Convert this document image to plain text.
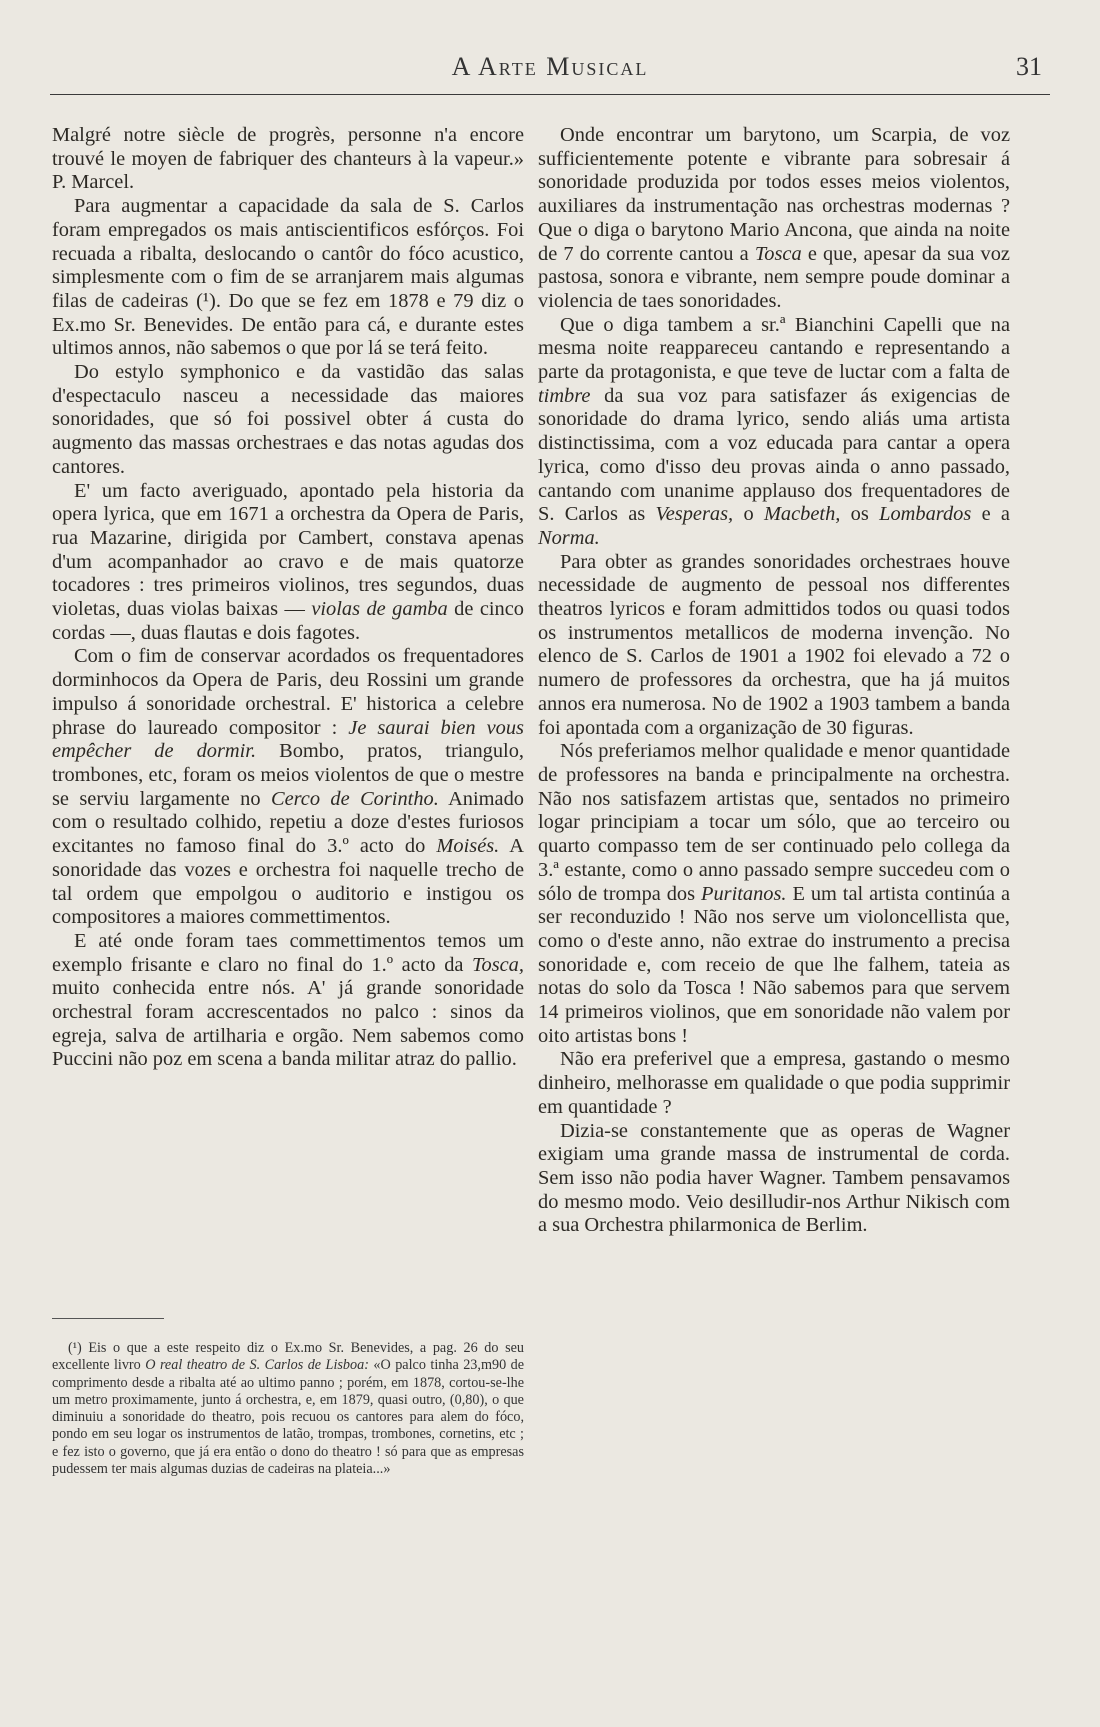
A Arte Musical	31

Malgré notre siècle de progrès, personne n'a encore trouvé le moyen de fabriquer des chanteurs à la vapeur.» P. Marcel.

Para augmentar a capacidade da sala de S. Carlos foram empregados os mais antiscientificos esfórços. Foi recuada a ribalta, deslocando o cantôr do fóco acustico, simplesmente com o fim de se arranjarem mais algumas filas de cadeiras (¹). Do que se fez em 1878 e 79 diz o Ex.mo Sr. Benevides. De então para cá, e durante estes ultimos annos, não sabemos o que por lá se terá feito.

Do estylo symphonico e da vastidão das salas d'espectaculo nasceu a necessidade das maiores sonoridades, que só foi possivel obter á custa do augmento das massas orchestraes e das notas agudas dos cantores.

E' um facto averiguado, apontado pela historia da opera lyrica, que em 1671 a orchestra da Opera de Paris, rua Mazarine, dirigida por Cambert, constava apenas d'um acompanhador ao cravo e de mais quatorze tocadores : tres primeiros violinos, tres segundos, duas violetas, duas violas baixas — violas de gamba de cinco cordas —, duas flautas e dois fagotes.

Com o fim de conservar acordados os frequentadores dorminhocos da Opera de Paris, deu Rossini um grande impulso á sonoridade orchestral. E' historica a celebre phrase do laureado compositor : Je saurai bien vous empêcher de dormir. Bombo, pratos, triangulo, trombones, etc, foram os meios violentos de que o mestre se serviu largamente no Cerco de Corintho. Animado com o resultado colhido, repetiu a doze d'estes furiosos excitantes no famoso final do 3.º acto do Moisés. A sonoridade das vozes e orchestra foi naquelle trecho de tal ordem que empolgou o auditorio e instigou os compositores a maiores commettimentos.

E até onde foram taes commettimentos temos um exemplo frisante e claro no final do 1.º acto da Tosca, muito conhecida entre nós. A' já grande sonoridade orchestral foram accrescentados no palco : sinos da egreja, salva de artilharia e orgão. Nem sabemos como Puccini não poz em scena a banda militar atraz do pallio.

(¹) Eis o que a este respeito diz o Ex.mo Sr. Benevides, a pag. 26 do seu excellente livro O real theatro de S. Carlos de Lisboa: «O palco tinha 23,m90 de comprimento desde a ribalta até ao ultimo panno ; porém, em 1878, cortou-se-lhe um metro proximamente, junto á orchestra, e, em 1879, quasi outro, (0,80), o que diminuiu a sonoridade do theatro, pois recuou os cantores para alem do fóco, pondo em seu logar os instrumentos de latão, trompas, trombones, cornetins, etc ; e fez isto o governo, que já era então o dono do theatro ! só para que as empresas pudessem ter mais algumas duzias de cadeiras na plateia...»

Onde encontrar um barytono, um Scarpia, de voz sufficientemente potente e vibrante para sobresair á sonoridade produzida por todos esses meios violentos, auxiliares da instrumentação nas orchestras modernas ? Que o diga o barytono Mario Ancona, que ainda na noite de 7 do corrente cantou a Tosca e que, apesar da sua voz pastosa, sonora e vibrante, nem sempre poude dominar a violencia de taes sonoridades.

Que o diga tambem a sr.ª Bianchini Capelli que na mesma noite reappareceu cantando e representando a parte da protagonista, e que teve de luctar com a falta de timbre da sua voz para satisfazer ás exigencias de sonoridade do drama lyrico, sendo aliás uma artista distinctissima, com a voz educada para cantar a opera lyrica, como d'isso deu provas ainda o anno passado, cantando com unanime applauso dos frequentadores de S. Carlos as Vesperas, o Macbeth, os Lombardos e a Norma.

Para obter as grandes sonoridades orchestraes houve necessidade de augmento de pessoal nos differentes theatros lyricos e foram admittidos todos ou quasi todos os instrumentos metallicos de moderna invenção. No elenco de S. Carlos de 1901 a 1902 foi elevado a 72 o numero de professores da orchestra, que ha já muitos annos era numerosa. No de 1902 a 1903 tambem a banda foi apontada com a organização de 30 figuras.

Nós preferiamos melhor qualidade e menor quantidade de professores na banda e principalmente na orchestra. Não nos satisfazem artistas que, sentados no primeiro logar principiam a tocar um sólo, que ao terceiro ou quarto compasso tem de ser continuado pelo collega da 3.ª estante, como o anno passado sempre succedeu com o sólo de trompa dos Puritanos. E um tal artista continúa a ser reconduzido ! Não nos serve um violoncellista que, como o d'este anno, não extrae do instrumento a precisa sonoridade e, com receio de que lhe falhem, tateia as notas do solo da Tosca ! Não sabemos para que servem 14 primeiros violinos, que em sonoridade não valem por oito artistas bons !

Não era preferivel que a empresa, gastando o mesmo dinheiro, melhorasse em qualidade o que podia supprimir em quantidade ?

Dizia-se constantemente que as operas de Wagner exigiam uma grande massa de instrumental de corda. Sem isso não podia haver Wagner. Tambem pensavamos do mesmo modo. Veio desilludir-nos Arthur Nikisch com a sua Orchestra philarmonica de Berlim.
